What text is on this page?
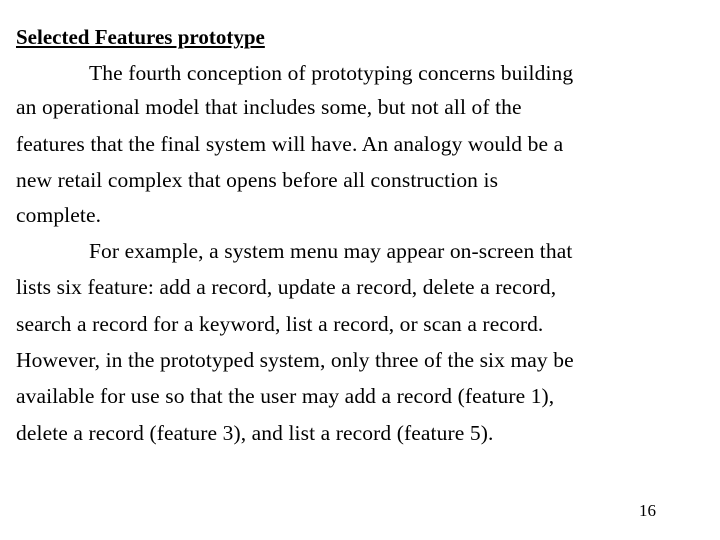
Selected Features prototype
The fourth conception of prototyping concerns building
an operational model that includes some, but not all of the
features that the final system will have. An analogy would be a
new retail complex that opens before all construction is
complete.
For example, a system menu may appear on-screen that
lists six feature: add a record, update a record, delete a record,
search a record for a keyword, list a record, or scan a record.
However, in the prototyped system, only three of the six may be
available for use so that the user may add a record (feature 1),
delete a record (feature 3), and list a record (feature 5).
16
